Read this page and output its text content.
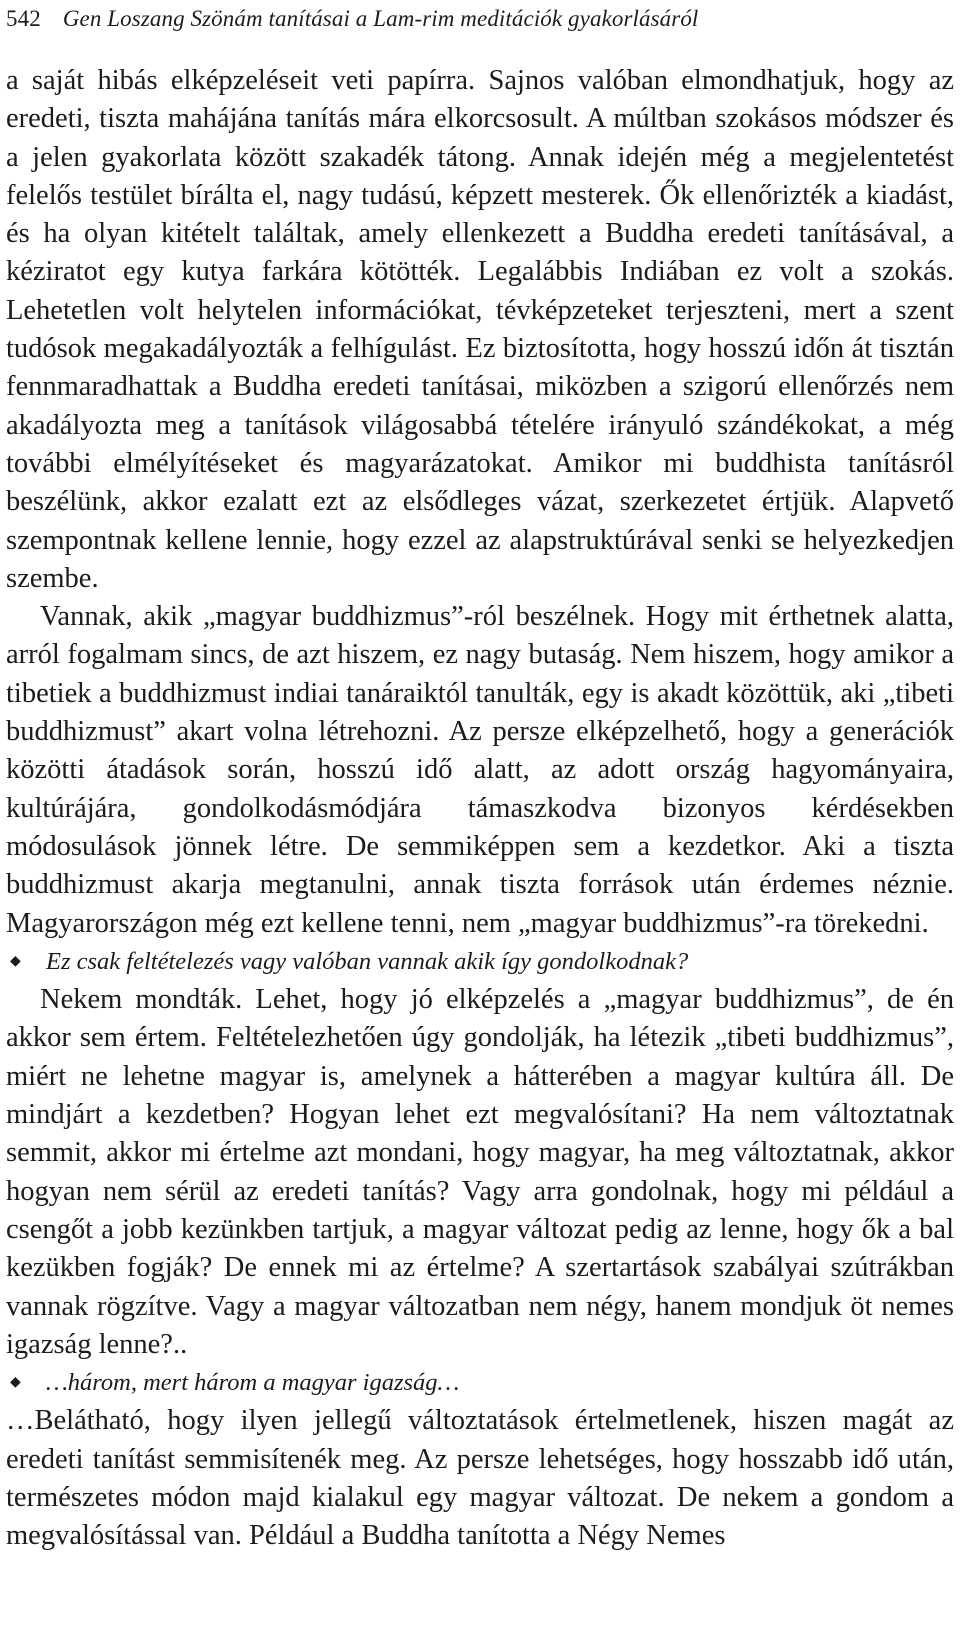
542 Gen Loszang Szönám tanításai a Lam-rim meditációk gyakorlásáról

a saját hibás elképzeléseit veti papírra. Sajnos valóban elmondhatjuk, hogy az eredeti, tiszta mahájána tanítás mára elkorcsosult. A múltban szokásos módszer és a jelen gyakorlata között szakadék tátong. Annak idején még a megjelentetést felelős testület bírálta el, nagy tudású, képzett mesterek. Ők ellenőrizték a kiadást, és ha olyan kitételt találtak, amely ellenkezett a Buddha eredeti tanításával, a kéziratot egy kutya farkára kötötték. Legalábbis Indiában ez volt a szokás. Lehetetlen volt helytelen információkat, tévképzeteket terjeszteni, mert a szent tudósok megakadályozták a felhígulást. Ez biztosította, hogy hosszú időn át tisztán fennmaradhattak a Buddha eredeti tanításai, miközben a szigorú ellenőrzés nem akadályozta meg a tanítások világosabbá tételére irányuló szándékokat, a még további elmélyítéseket és magyarázatokat. Amikor mi buddhista tanításról beszélünk, akkor ezalatt ezt az elsődleges vázat, szerkezetet értjük. Alapvető szempontnak kellene lennie, hogy ezzel az alapstruktúrával senki se helyezkedjen szembe.

Vannak, akik „magyar buddhizmus”-ról beszélnek. Hogy mit érthetnek alatta, arról fogalmam sincs, de azt hiszem, ez nagy butaság. Nem hiszem, hogy amikor a tibetiek a buddhizmust indiai tanáraiktól tanulták, egy is akadt közöttük, aki „tibeti buddhizmust” akart volna létrehozni. Az persze elképzelhető, hogy a generációk közötti átadások során, hosszú idő alatt, az adott ország hagyományaira, kultúrájára, gondolkodásmódjára támaszkodva bizonyos kérdésekben módosulások jönnek létre. De semmiképpen sem a kezdetkor. Aki a tiszta buddhizmust akarja megtanulni, annak tiszta források után érdemes néznie. Magyarországon még ezt kellene tenni, nem „magyar buddhizmus”-ra törekedni.

◆	Ez csak feltételezés vagy valóban vannak akik így gondolkodnak?

Nekem mondták. Lehet, hogy jó elképzelés a „magyar buddhizmus”, de én akkor sem értem. Feltételezhetően úgy gondolják, ha létezik „tibeti buddhizmus”, miért ne lehetne magyar is, amelynek a hátterében a magyar kultúra áll. De mindjárt a kezdetben? Hogyan lehet ezt megvalósítani? Ha nem változtatnak semmit, akkor mi értelme azt mondani, hogy magyar, ha meg változtatnak, akkor hogyan nem sérül az eredeti tanítás? Vagy arra gondolnak, hogy mi például a csengőt a jobb kezünkben tartjuk, a magyar változat pedig az lenne, hogy ők a bal kezükben fogják? De ennek mi az értelme? A szertartások szabályai szútrákban vannak rögzítve. Vagy a magyar változatban nem négy, hanem mondjuk öt nemes igazság lenne?..

◆	…három, mert három a magyar igazság…

…Belátható, hogy ilyen jellegű változtatások értelmetlenek, hiszen magát az eredeti tanítást semmisítenék meg. Az persze lehetséges, hogy hosszabb idő után, természetes módon majd kialakul egy magyar változat. De nekem a gondom a megvalósítással van. Például a Buddha tanította a Négy Nemes
